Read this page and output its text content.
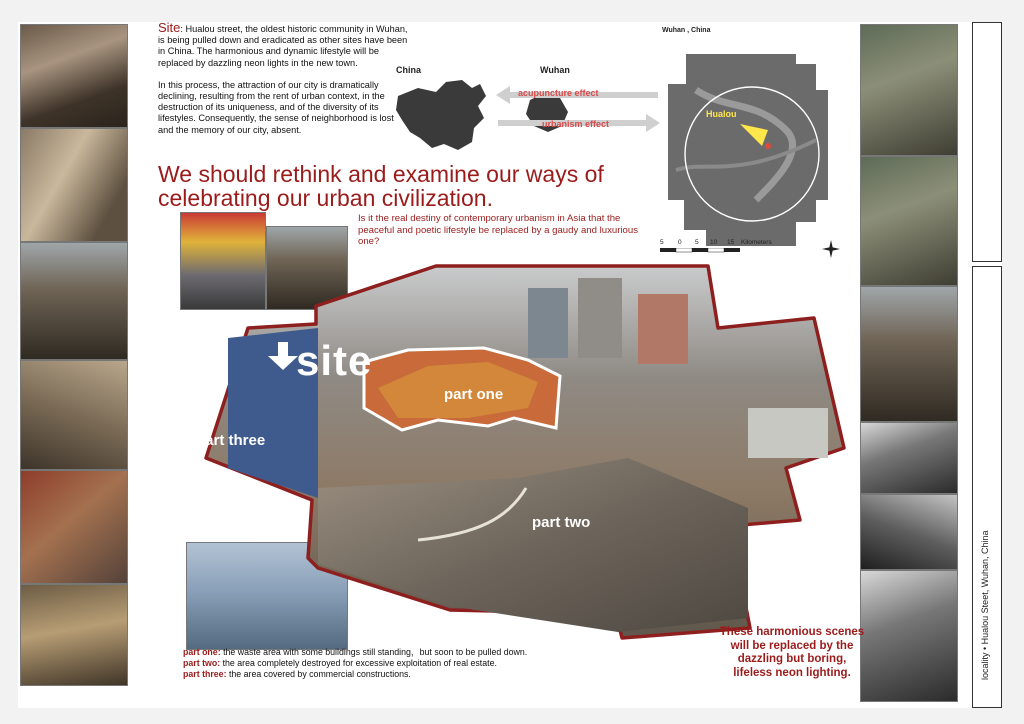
locality • Hualou Steet, Wuhan, China

Site: Hualou street, the oldest historic community in Wuhan, is being pulled down and eradicated as other sites have been in China. The harmonious and dynamic lifestyle will be replaced by dazzling neon lights in the new town.

In this process, the attraction of our city is dramatically declining, resulting from the rent of urban context, in the destruction of its uniqueness, and of the diversity of its lifestyles. Consequently, the sense of neighborhood is lost and the memory of our city, absent.

China	Wuhan
acupuncture effect
urbanism effect
Wuhan , China
Hualou
5 0 5 10 15 Kilometers
We should rethink and examine our ways of celebrating our urban civilization.
Is it the real destiny of contemporary urbanism in Asia that the peaceful and poetic lifestyle be replaced by a gaudy and luxurious one?
site
part one
part three
part two
part one: the waste area with some buildings still standing，but soon to be pulled down.
part two: the area completely destroyed for excessive exploitation of real estate.
part three: the area covered by commercial constructions.
These harmonious scenes will be replaced by the dazzling but boring, lifeless neon lighting.
